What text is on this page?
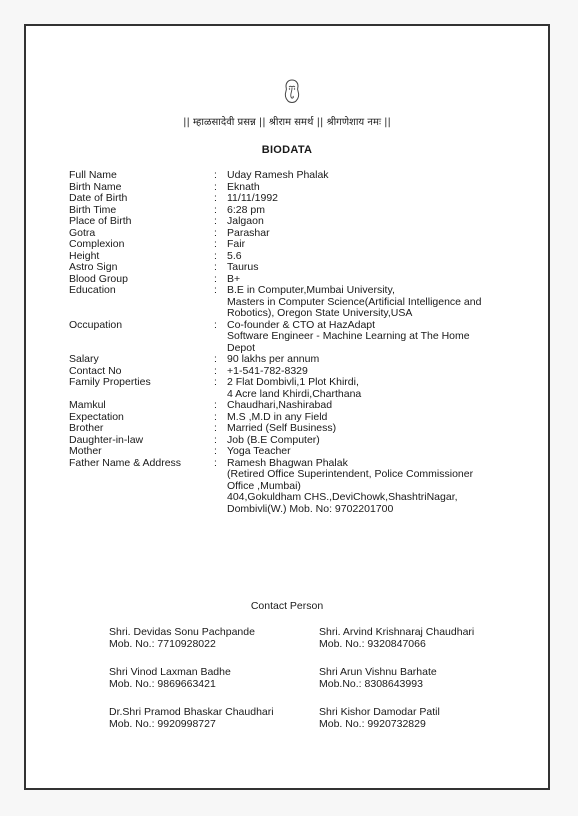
|| म्हाळसादेवी प्रसन्न || श्रीराम समर्थ || श्रीगणेशाय नमः ||
BIODATA
Full Name	: Uday Ramesh Phalak
Birth Name	: Eknath
Date of Birth	: 11/11/1992
Birth Time	: 6:28 pm
Place of Birth	: Jalgaon
Gotra	: Parashar
Complexion	: Fair
Height	: 5.6
Astro Sign	: Taurus
Blood Group	: B+
Education	: B.E in Computer,Mumbai University,
Masters in Computer Science(Artificial Intelligence and
Robotics), Oregon State University,USA
Occupation	: Co-founder & CTO at HazAdapt
Software Engineer - Machine Learning at The Home
Depot
Salary	: 90 lakhs per annum
Contact No	: +1-541-782-8329
Family Properties	: 2 Flat Dombivli,1 Plot Khirdi,
4 Acre land Khirdi,Charthana
Mamkul	: Chaudhari,Nashirabad
Expectation	: M.S ,M.D in any Field
Brother	: Married (Self Business)
Daughter-in-law	: Job (B.E Computer)
Mother	: Yoga Teacher
Father Name & Address	: Ramesh Bhagwan Phalak
(Retired Office Superintendent, Police Commissioner
Office ,Mumbai)
404,Gokuldham CHS.,DeviChowk,ShashtriNagar,
Dombivli(W.) Mob. No: 9702201700
Contact Person
Shri. Devidas Sonu Pachpande
Mob. No.: 7710928022
Shri. Arvind Krishnaraj Chaudhari
Mob. No.: 9320847066
Shri Vinod Laxman Badhe
Mob. No.: 9869663421
Shri Arun Vishnu Barhate
Mob.No.: 8308643993
Dr.Shri Pramod Bhaskar Chaudhari
Mob. No.: 9920998727
Shri Kishor Damodar Patil
Mob. No.: 9920732829
